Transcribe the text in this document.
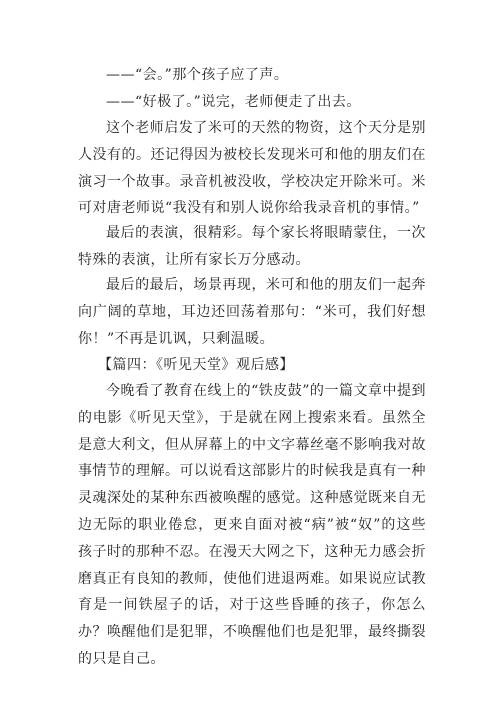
——“会。”那个孩子应了声。

——“好极了。”说完，老师便走了出去。

这个老师启发了米可的天然的物资，这个天分是别人没有的。还记得因为被校长发现米可和他的朋友们在演习一个故事。录音机被没收，学校决定开除米可。米可对唐老师说“我没有和别人说你给我录音机的事情。”

最后的表演，很精彩。每个家长将眼睛蒙住，一次特殊的表演，让所有家长万分感动。

最后的最后，场景再现，米可和他的朋友们一起奔向广阔的草地，耳边还回荡着那句：“米可，我们好想你！”不再是讥讽，只剩温暖。

【篇四：《听见天堂》观后感】

今晚看了教育在线上的“铁皮鼓”的一篇文章中提到的电影《听见天堂》，于是就在网上搜索来看。虽然全是意大利文，但从屏幕上的中文字幕丝毫不影响我对故事情节的理解。可以说看这部影片的时候我是真有一种灵魂深处的某种东西被唤醒的感觉。这种感觉既来自无边无际的职业倦怠，更来自面对被“病”被“奴”的这些孩子时的那种不忍。在漫天大网之下，这种无力感会折磨真正有良知的教师，使他们进退两难。如果说应试教育是一间铁屋子的话，对于这些昏睡的孩子，你怎么办？唤醒他们是犯罪，不唤醒他们也是犯罪，最终撕裂的只是自己。
